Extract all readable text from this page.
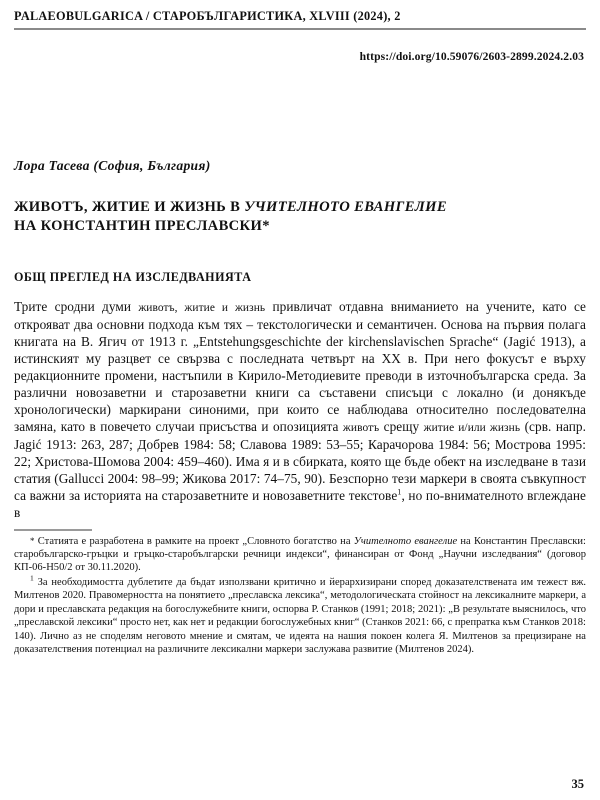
PALAEOBULGARICA / СТАРОБЪЛГАРИСТИКА, XLVIII (2024), 2
https://doi.org/10.59076/2603-2899.2024.2.03
Лора Тасева (София, България)
ЖИВОТЪ, ЖИТИЕ И ЖИЗНЬ В УЧИТЕЛНОТО ЕВАНГЕЛИЕ
НА КОНСТАНТИН ПРЕСЛАВСКИ*
ОБЩ ПРЕГЛЕД НА ИЗСЛЕДВАНИЯТА

Трите сродни думи животъ, житие и жизнь привличат отдавна вниманието на учените, като се открояват два основни подхода към тях – текстологически и семантичен. Основа на първия полага книгата на В. Ягич от 1913 г. „Entstehungsgeschichte der kirchenslavischen Sprache“ (Jagić 1913), а истинският му разцвет се свързва с последната четвърт на XX в. При него фокусът е върху редакционните промени, настъпили в Кирило-Методиевите преводи в източнобългарска среда. За различни новозаветни и старозаветни книги са съставени списъци с локално (и донякъде хронологически) маркирани синоними, при които се наблюдава относително последователна замяна, като в повечето случаи присъства и опозицията животъ срещу житие и/или жизнь (срв. напр. Jagić 1913: 263, 287; Добрев 1984: 58; Славова 1989: 53–55; Карачорова 1984: 56; Мострова 1995: 22; Христова-Шомова 2004: 459–460). Има я и в сбирката, която ще бъде обект на изследване в тази статия (Gallucci 2004: 98–99; Жикова 2017: 74–75, 90). Безспорно тези маркери в своята съвкупност са важни за историята на старозаветните и новозаветните текстове$^1$, но по-внимателното вглеждане в

* Статията е разработена в рамките на проект „Словното богатство на Учителното евангелие на Константин Преславски: старобългарско-гръцки и гръцко-старобългарски речници индекси“, финансиран от Фонд „Научни изследвания“ (договор КП-06-Н50/2 от 30.11.2020).

$^1$ За необходимостта дублетите да бъдат използвани критично и йерархизирани според доказателствената им тежест вж. Милтенов 2020. Правомерността на понятието „преславска лексика“, методологическата стойност на лексикалните маркери, а дори и преславската редакция на богослужебните книги, оспорва Р. Станков (1991; 2018; 2021): „В результате выяснилось, что „преславской лексики“ просто нет, как нет и редакции богослужебных книг“ (Станков 2021: 66, с препратка към Станков 2018: 140). Лично аз не споделям неговото мнение и смятам, че идеята на нашия покоен колега Я. Милтенов за прецизиране на доказателствения потенциал на различните лексикални маркери заслужава развитие (Милтенов 2024).

35
